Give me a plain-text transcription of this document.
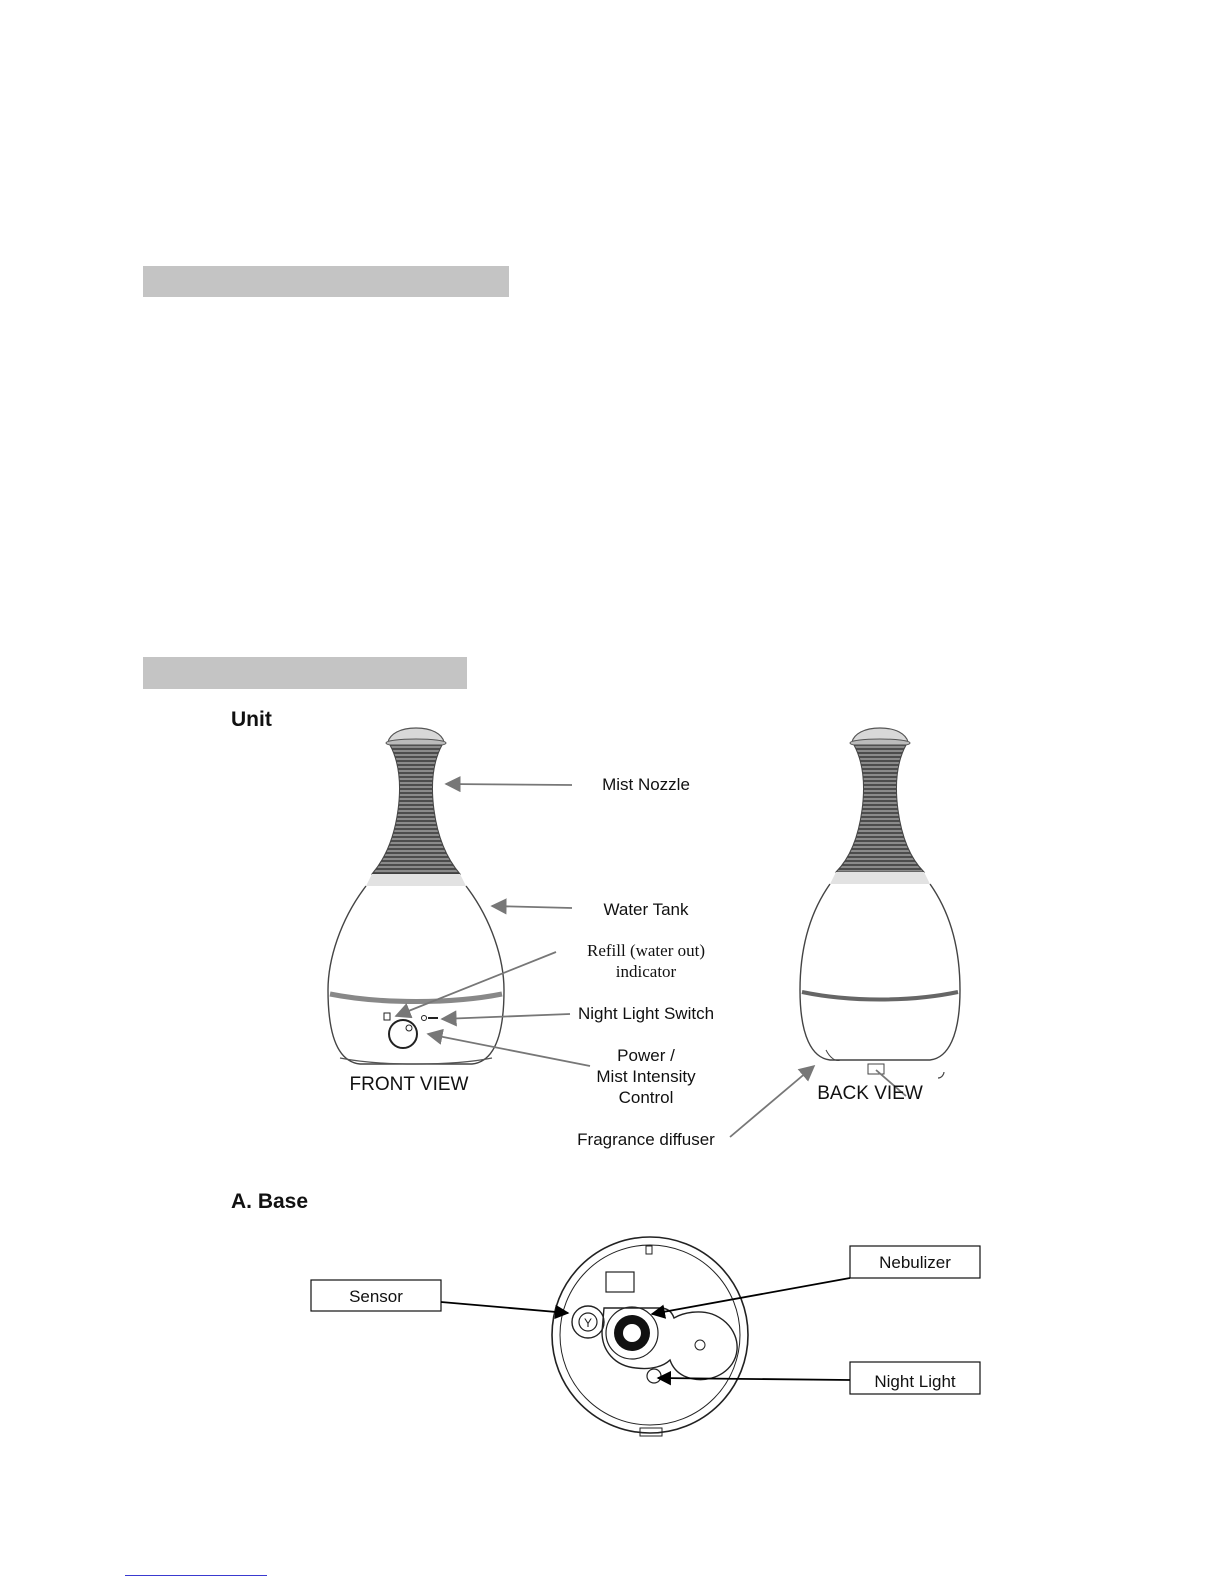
Unit
A. Base
Mist Nozzle
Water Tank
Refill (water out)
indicator
Night Light Switch
Power /
Mist Intensity
Control
FRONT VIEW	BACK VIEW
Fragrance diffuser
Y
Sensor
Nebulizer
Night Light
